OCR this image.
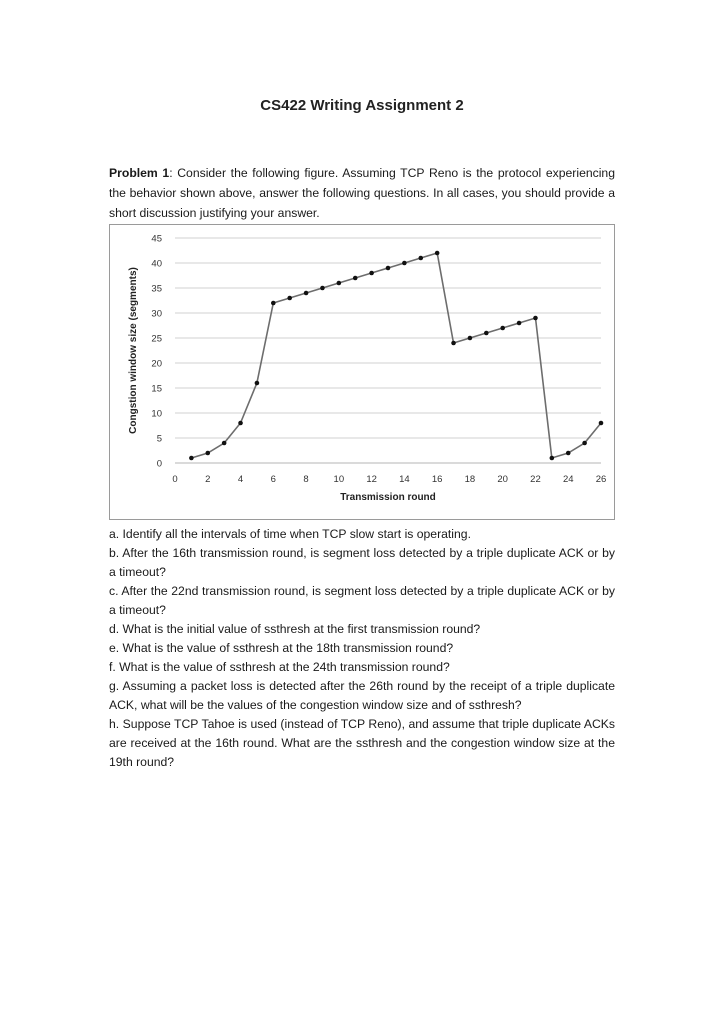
CS422 Writing Assignment 2
Problem 1: Consider the following figure. Assuming TCP Reno is the protocol experiencing the behavior shown above, answer the following questions. In all cases, you should provide a short discussion justifying your answer.
0
5
10
15
20
25
30
35
40
45
0	2	4	6	8	10 12 14 16 18 20 22 24 26
Transmission round
Congstion window size (segments)

a. Identify all the intervals of time when TCP slow start is operating.

b. After the 16th transmission round, is segment loss detected by a triple duplicate ACK or by a timeout?

c. After the 22nd transmission round, is segment loss detected by a triple duplicate ACK or by a timeout?

d. What is the initial value of ssthresh at the first transmission round?

e. What is the value of ssthresh at the 18th transmission round?

f. What is the value of ssthresh at the 24th transmission round?

g. Assuming a packet loss is detected after the 26th round by the receipt of a triple duplicate ACK, what will be the values of the congestion window size and of ssthresh?

h. Suppose TCP Tahoe is used (instead of TCP Reno), and assume that triple duplicate ACKs are received at the 16th round. What are the ssthresh and the congestion window size at the 19th round?
